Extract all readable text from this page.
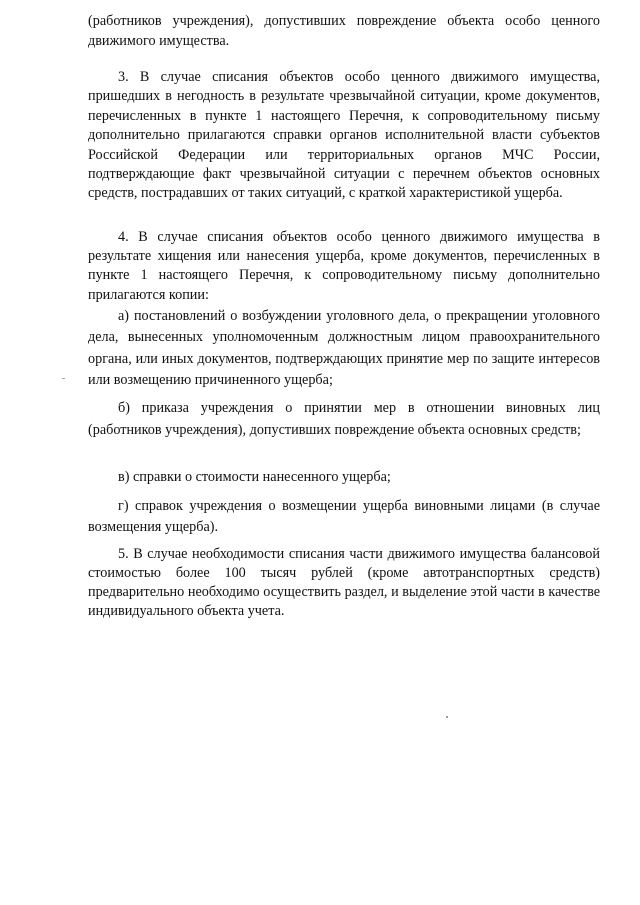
(работников учреждения), допустивших повреждение объекта особо ценного движимого имущества.

3. В случае списания объектов особо ценного движимого имущества, пришедших в негодность в результате чрезвычайной ситуации, кроме документов, перечисленных в пункте 1 настоящего Перечня, к сопроводительному письму дополнительно прилагаются справки органов исполнительной власти субъектов Российской Федерации или территориальных органов МЧС России, подтверждающие факт чрезвычайной ситуации с перечнем объектов основных средств, пострадавших от таких ситуаций, с краткой характеристикой ущерба.

4. В случае списания объектов особо ценного движимого имущества в результате хищения или нанесения ущерба, кроме документов, перечисленных в пункте 1 настоящего Перечня, к сопроводительному письму дополнительно прилагаются копии:

а) постановлений о возбуждении уголовного дела, о прекращении уголовного дела, вынесенных уполномоченным должностным лицом правоохранительного органа, или иных документов, подтверждающих принятие мер по защите интересов или возмещению причиненного ущерба;

б) приказа учреждения о принятии мер в отношении виновных лиц (работников учреждения), допустивших повреждение объекта основных средств;

в) справки о стоимости нанесенного ущерба;

г) справок учреждения о возмещении ущерба виновными лицами (в случае возмещения ущерба).

5. В случае необходимости списания части движимого имущества балансовой стоимостью более 100 тысяч рублей (кроме автотранспортных средств) предварительно необходимо осуществить раздел, и выделение этой части в качестве индивидуального объекта учета.
